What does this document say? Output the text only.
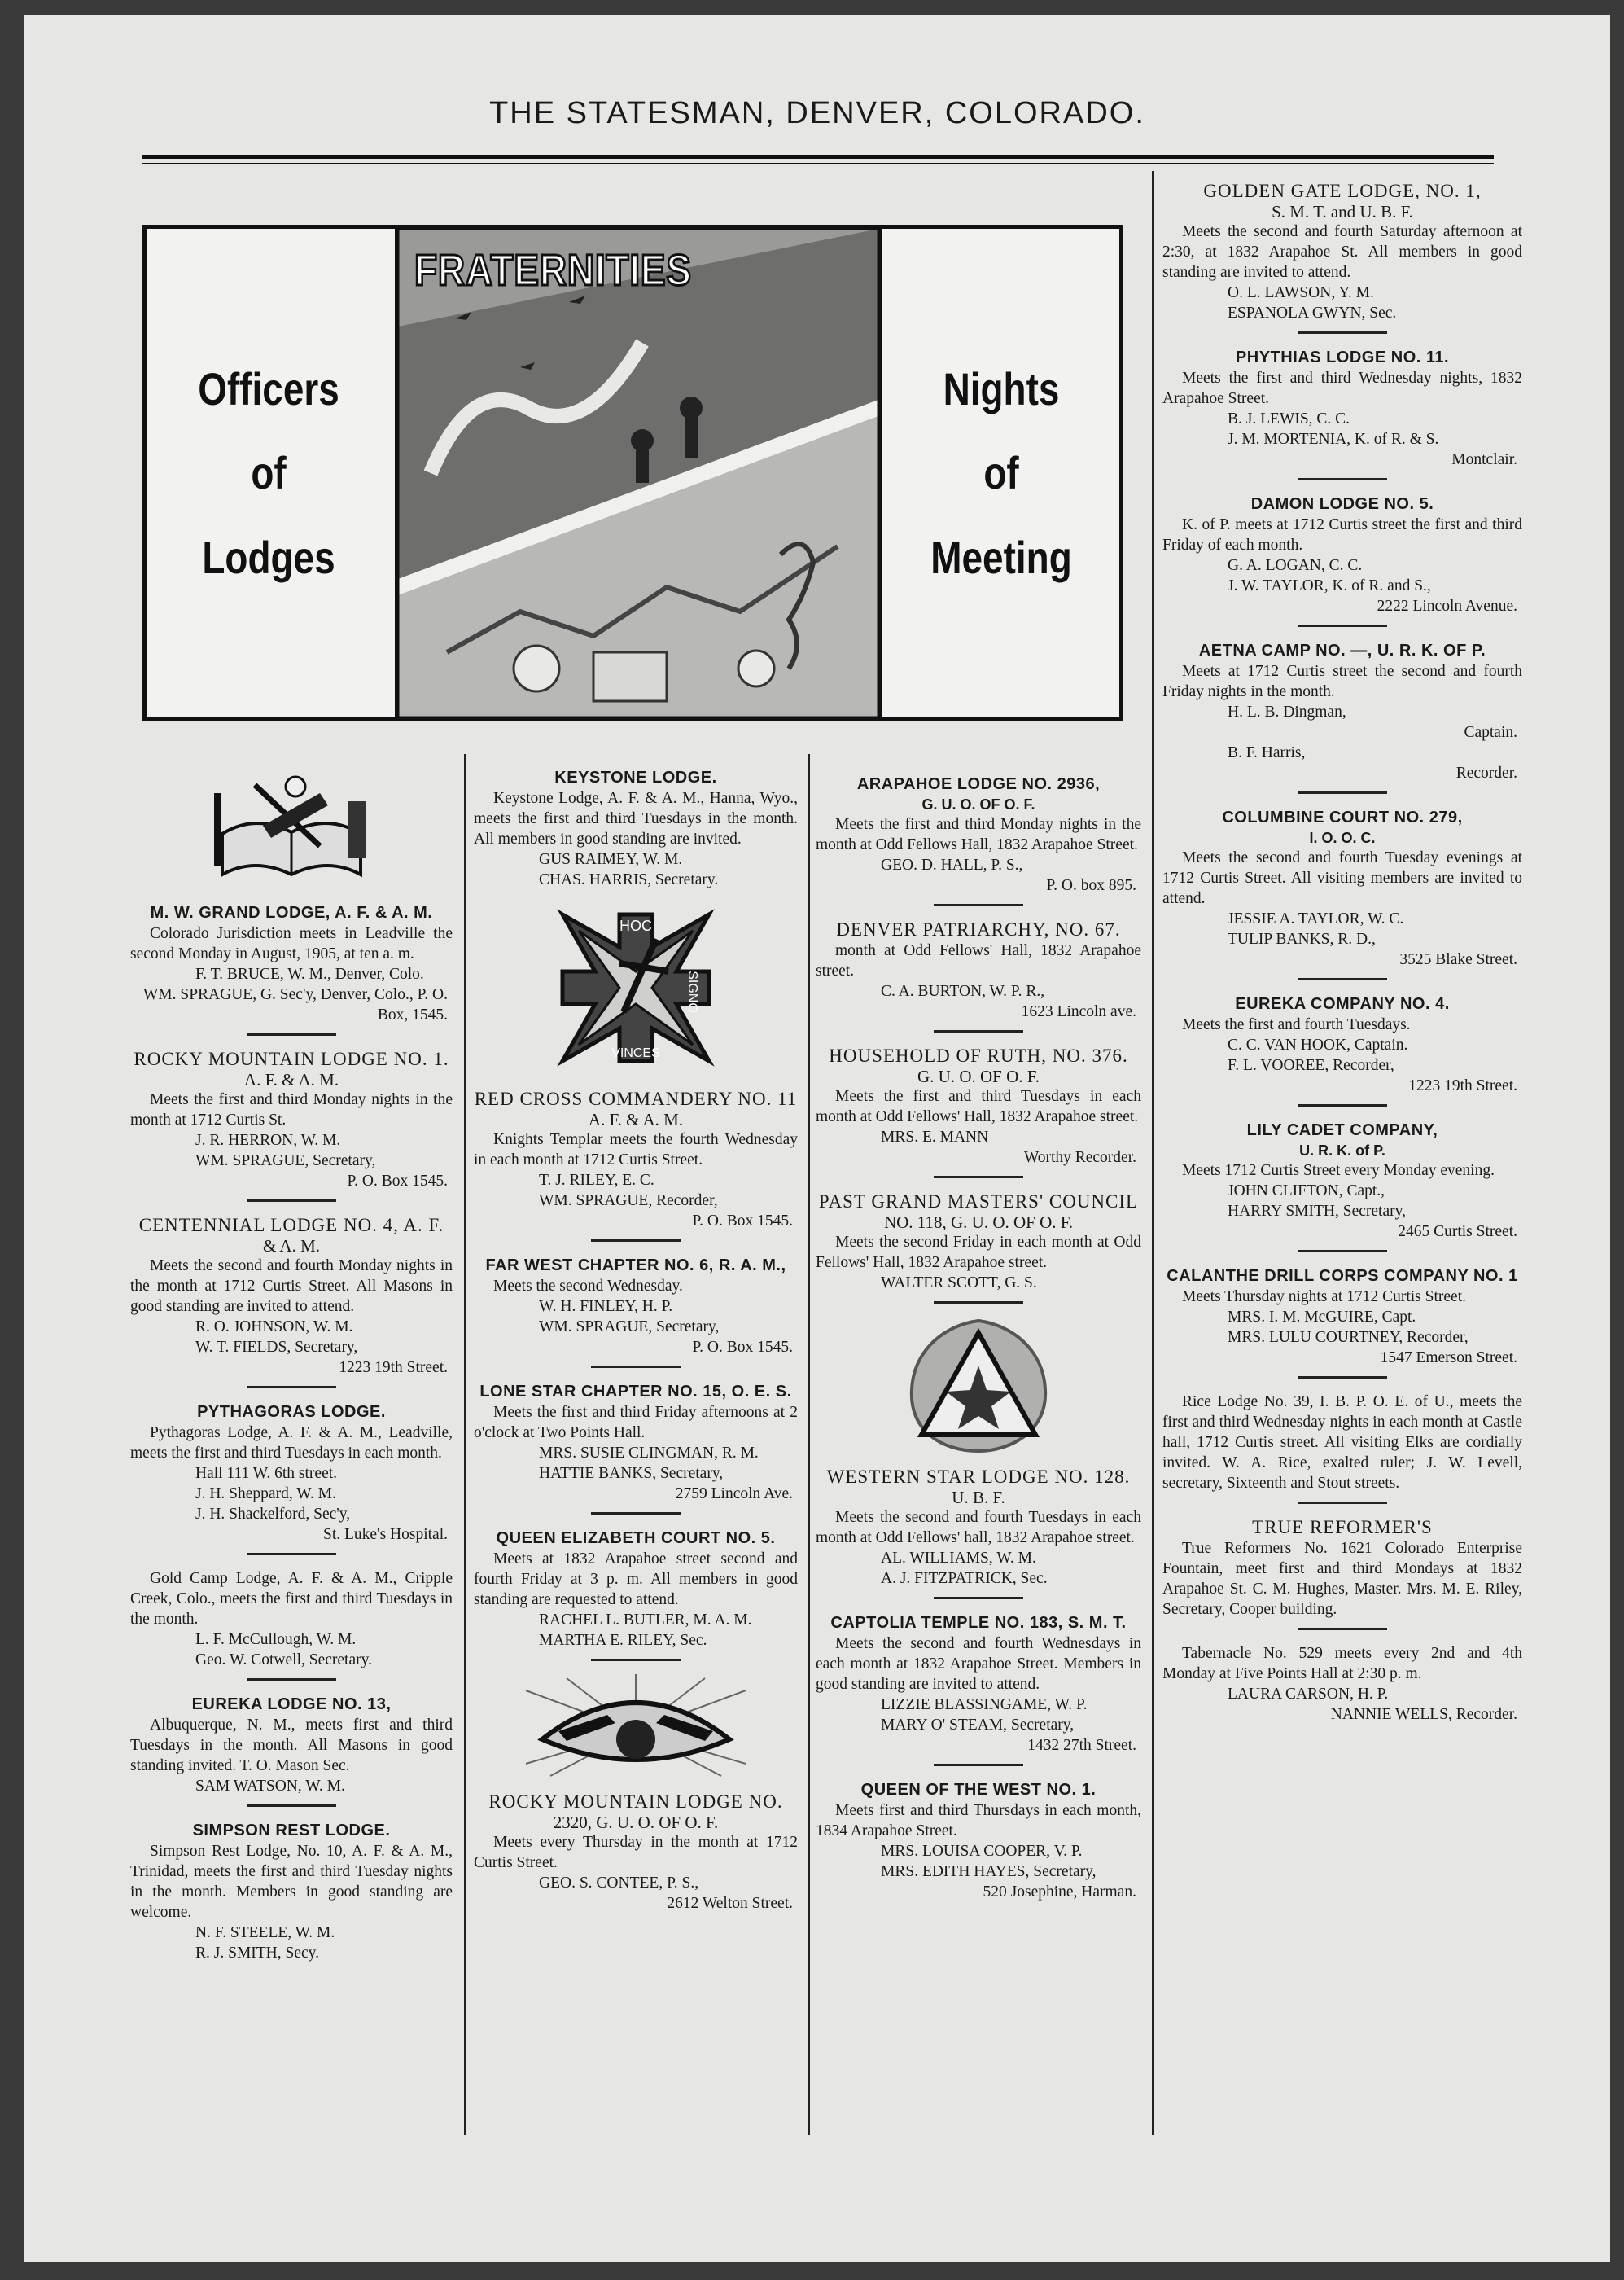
THE STATESMAN, DENVER, COLORADO.
Officers
of
Lodges
FRATERNITIES
Nights
of
Meeting
M. W. GRAND LODGE, A. F. & A. M.
Colorado Jurisdiction meets in Leadville the second Monday in August, 1905, at ten a. m.
F. T. BRUCE, W. M., Denver, Colo.
WM. SPRAGUE, G. Sec'y, Denver, Colo., P. O. Box, 1545.
ROCKY MOUNTAIN LODGE NO. 1.
A. F. & A. M.
Meets the first and third Monday nights in the month at 1712 Curtis St.
J. R. HERRON, W. M.
WM. SPRAGUE, Secretary,
P. O. Box 1545.
CENTENNIAL LODGE NO. 4, A. F.
& A. M.
Meets the second and fourth Monday nights in the month at 1712 Curtis Street. All Masons in good standing are invited to attend.
R. O. JOHNSON, W. M.
W. T. FIELDS, Secretary,
1223 19th Street.
PYTHAGORAS LODGE.
Pythagoras Lodge, A. F. & A. M., Leadville, meets the first and third Tuesdays in each month.
Hall 111 W. 6th street.
J. H. Sheppard, W. M.
J. H. Shackelford, Sec'y,
St. Luke's Hospital.
Gold Camp Lodge, A. F. & A. M., Cripple Creek, Colo., meets the first and third Tuesdays in the month.
L. F. McCullough, W. M.
Geo. W. Cotwell, Secretary.
EUREKA LODGE NO. 13,
Albuquerque, N. M., meets first and third Tuesdays in the month. All Masons in good standing invited. T. O. Mason Sec.
SAM WATSON, W. M.
SIMPSON REST LODGE.
Simpson Rest Lodge, No. 10, A. F. & A. M., Trinidad, meets the first and third Tuesday nights in the month. Members in good standing are welcome.
N. F. STEELE, W. M.
R. J. SMITH, Secy.
KEYSTONE LODGE.
Keystone Lodge, A. F. & A. M., Hanna, Wyo., meets the first and third Tuesdays in the month. All members in good standing are invited.
GUS RAIMEY, W. M.
CHAS. HARRIS, Secretary.
HOC
SIGNO
VINCES
RED CROSS COMMANDERY NO. 11
A. F. & A. M.
Knights Templar meets the fourth Wednesday in each month at 1712 Curtis Street.
T. J. RILEY, E. C.
WM. SPRAGUE, Recorder,
P. O. Box 1545.
FAR WEST CHAPTER NO. 6, R. A. M.,
Meets the second Wednesday.
W. H. FINLEY, H. P.
WM. SPRAGUE, Secretary,
P. O. Box 1545.
LONE STAR CHAPTER NO. 15, O. E. S.
Meets the first and third Friday afternoons at 2 o'clock at Two Points Hall.
MRS. SUSIE CLINGMAN, R. M.
HATTIE BANKS, Secretary,
2759 Lincoln Ave.
QUEEN ELIZABETH COURT NO. 5.
Meets at 1832 Arapahoe street second and fourth Friday at 3 p. m. All members in good standing are requested to attend.
RACHEL L. BUTLER, M. A. M.
MARTHA E. RILEY, Sec.
ROCKY MOUNTAIN LODGE NO.
2320, G. U. O. OF O. F.
Meets every Thursday in the month at 1712 Curtis Street.
GEO. S. CONTEE, P. S.,
2612 Welton Street.
ARAPAHOE LODGE NO. 2936,
G. U. O. OF O. F.
Meets the first and third Monday nights in the month at Odd Fellows Hall, 1832 Arapahoe Street.
GEO. D. HALL, P. S.,
P. O. box 895.
DENVER PATRIARCHY, NO. 67.
month at Odd Fellows' Hall, 1832 Arapahoe street.
C. A. BURTON, W. P. R.,
1623 Lincoln ave.
HOUSEHOLD OF RUTH, NO. 376.
G. U. O. OF O. F.
Meets the first and third Tuesdays in each month at Odd Fellows' Hall, 1832 Arapahoe street.
MRS. E. MANN
Worthy Recorder.
PAST GRAND MASTERS' COUNCIL
NO. 118, G. U. O. OF O. F.
Meets the second Friday in each month at Odd Fellows' Hall, 1832 Arapahoe street.
WALTER SCOTT, G. S.
WESTERN STAR LODGE NO. 128.
U. B. F.
Meets the second and fourth Tuesdays in each month at Odd Fellows' hall, 1832 Arapahoe street.
AL. WILLIAMS, W. M.
A. J. FITZPATRICK, Sec.
CAPTOLIA TEMPLE NO. 183, S. M. T.
Meets the second and fourth Wednesdays in each month at 1832 Arapahoe Street. Members in good standing are invited to attend.
LIZZIE BLASSINGAME, W. P.
MARY O' STEAM, Secretary,
1432 27th Street.
QUEEN OF THE WEST NO. 1.
Meets first and third Thursdays in each month, 1834 Arapahoe Street.
MRS. LOUISA COOPER, V. P.
MRS. EDITH HAYES, Secretary,
520 Josephine, Harman.
GOLDEN GATE LODGE, NO. 1,
S. M. T. and U. B. F.
Meets the second and fourth Saturday afternoon at 2:30, at 1832 Arapahoe St. All members in good standing are invited to attend.
O. L. LAWSON, Y. M.
ESPANOLA GWYN, Sec.
PHYTHIAS LODGE NO. 11.
Meets the first and third Wednesday nights, 1832 Arapahoe Street.
B. J. LEWIS, C. C.
J. M. MORTENIA, K. of R. & S.
Montclair.
DAMON LODGE NO. 5.
K. of P. meets at 1712 Curtis street the first and third Friday of each month.
G. A. LOGAN, C. C.
J. W. TAYLOR, K. of R. and S.,
2222 Lincoln Avenue.
AETNA CAMP NO. —, U. R. K. OF P.
Meets at 1712 Curtis street the second and fourth Friday nights in the month.
H. L. B. Dingman,
Captain.
B. F. Harris,
Recorder.
COLUMBINE COURT NO. 279,
I. O. O. C.
Meets the second and fourth Tuesday evenings at 1712 Curtis Street. All visiting members are invited to attend.
JESSIE A. TAYLOR, W. C.
TULIP BANKS, R. D.,
3525 Blake Street.
EUREKA COMPANY NO. 4.
Meets the first and fourth Tuesdays.
C. C. VAN HOOK, Captain.
F. L. VOOREE, Recorder,
1223 19th Street.
LILY CADET COMPANY,
U. R. K. of P.
Meets 1712 Curtis Street every Monday evening.
JOHN CLIFTON, Capt.,
HARRY SMITH, Secretary,
2465 Curtis Street.
CALANTHE DRILL CORPS COMPANY NO. 1
Meets Thursday nights at 1712 Curtis Street.
MRS. I. M. McGUIRE, Capt.
MRS. LULU COURTNEY, Recorder,
1547 Emerson Street.
Rice Lodge No. 39, I. B. P. O. E. of U., meets the first and third Wednesday nights in each month at Castle hall, 1712 Curtis street. All visiting Elks are cordially invited. W. A. Rice, exalted ruler; J. W. Levell, secretary, Sixteenth and Stout streets.
TRUE REFORMER'S
True Reformers No. 1621 Colorado Enterprise Fountain, meet first and third Mondays at 1832 Arapahoe St. C. M. Hughes, Master. Mrs. M. E. Riley, Secretary, Cooper building.
Tabernacle No. 529 meets every 2nd and 4th Monday at Five Points Hall at 2:30 p. m.
LAURA CARSON, H. P.
NANNIE WELLS, Recorder.
